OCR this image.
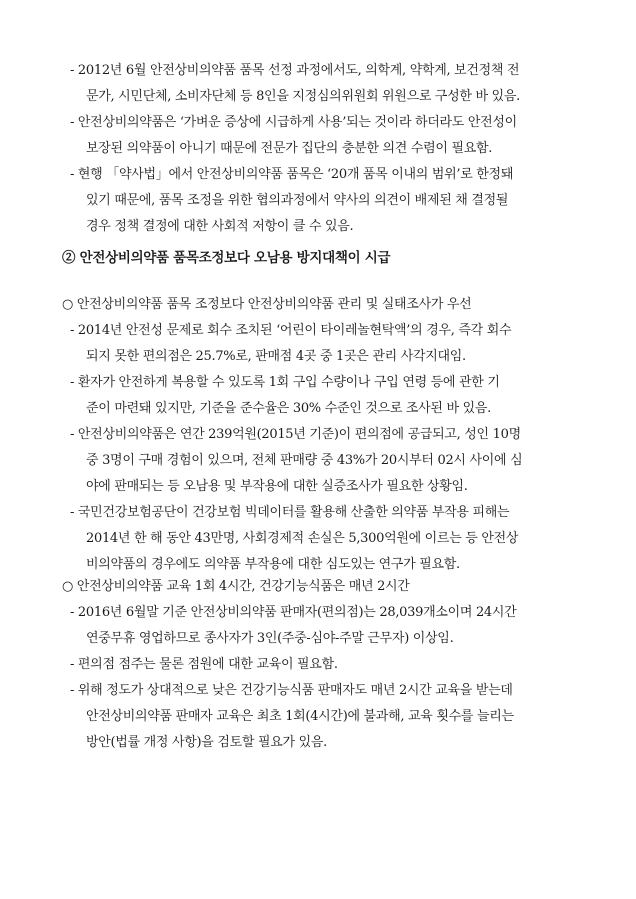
- 2012년 6월 안전상비의약품 품목 선정 과정에서도, 의학계, 약학계, 보건정책 전
문가, 시민단체, 소비자단체 등 8인을 지정심의위원회 위원으로 구성한 바 있음.
- 안전상비의약품은 ‘가벼운 증상에 시급하게 사용’되는 것이라 하더라도 안전성이
보장된 의약품이 아니기 때문에 전문가 집단의 충분한 의견 수렴이 필요함.
- 현행 「약사법」에서 안전상비의약품 품목은 ‘20개 품목 이내의 범위’로 한정돼
있기 때문에, 품목 조정을 위한 협의과정에서 약사의 의견이 배제된 채 결정될
경우 정책 결정에 대한 사회적 저항이 클 수 있음.
② 안전상비의약품 품목조정보다 오남용 방지대책이 시급
○ 안전상비의약품 품목 조정보다 안전상비의약품 관리 및 실태조사가 우선
- 2014년 안전성 문제로 회수 조치된 ‘어린이 타이레놀현탁액’의 경우, 즉각 회수
되지 못한 편의점은 25.7%로, 판매점 4곳 중 1곳은 관리 사각지대임.
- 환자가 안전하게 복용할 수 있도록 1회 구입 수량이나 구입 연령 등에 관한 기
준이 마련돼 있지만, 기준을 준수율은 30% 수준인 것으로 조사된 바 있음.
- 안전상비의약품은 연간 239억원(2015년 기준)이 편의점에 공급되고, 성인 10명
중 3명이 구매 경험이 있으며, 전체 판매량 중 43%가 20시부터 02시 사이에 심
야에 판매되는 등 오남용 및 부작용에 대한 실증조사가 필요한 상황임.
- 국민건강보험공단이 건강보험 빅데이터를 활용해 산출한 의약품 부작용 피해는
2014년 한 해 동안 43만명, 사회경제적 손실은 5,300억원에 이르는 등 안전상
비의약품의 경우에도 의약품 부작용에 대한 심도있는 연구가 필요함.
○ 안전상비의약품 교육 1회 4시간, 건강기능식품은 매년 2시간
- 2016년 6월말 기준 안전상비의약품 판매자(편의점)는 28,039개소이며 24시간
연중무휴 영업하므로 종사자가 3인(주중-심야-주말 근무자) 이상임.
- 편의점 점주는 물론 점원에 대한 교육이 필요함.
- 위해 정도가 상대적으로 낮은 건강기능식품 판매자도 매년 2시간 교육을 받는데
안전상비의약품 판매자 교육은 최초 1회(4시간)에 불과해, 교육 횟수를 늘리는
방안(법률 개정 사항)을 검토할 필요가 있음.
